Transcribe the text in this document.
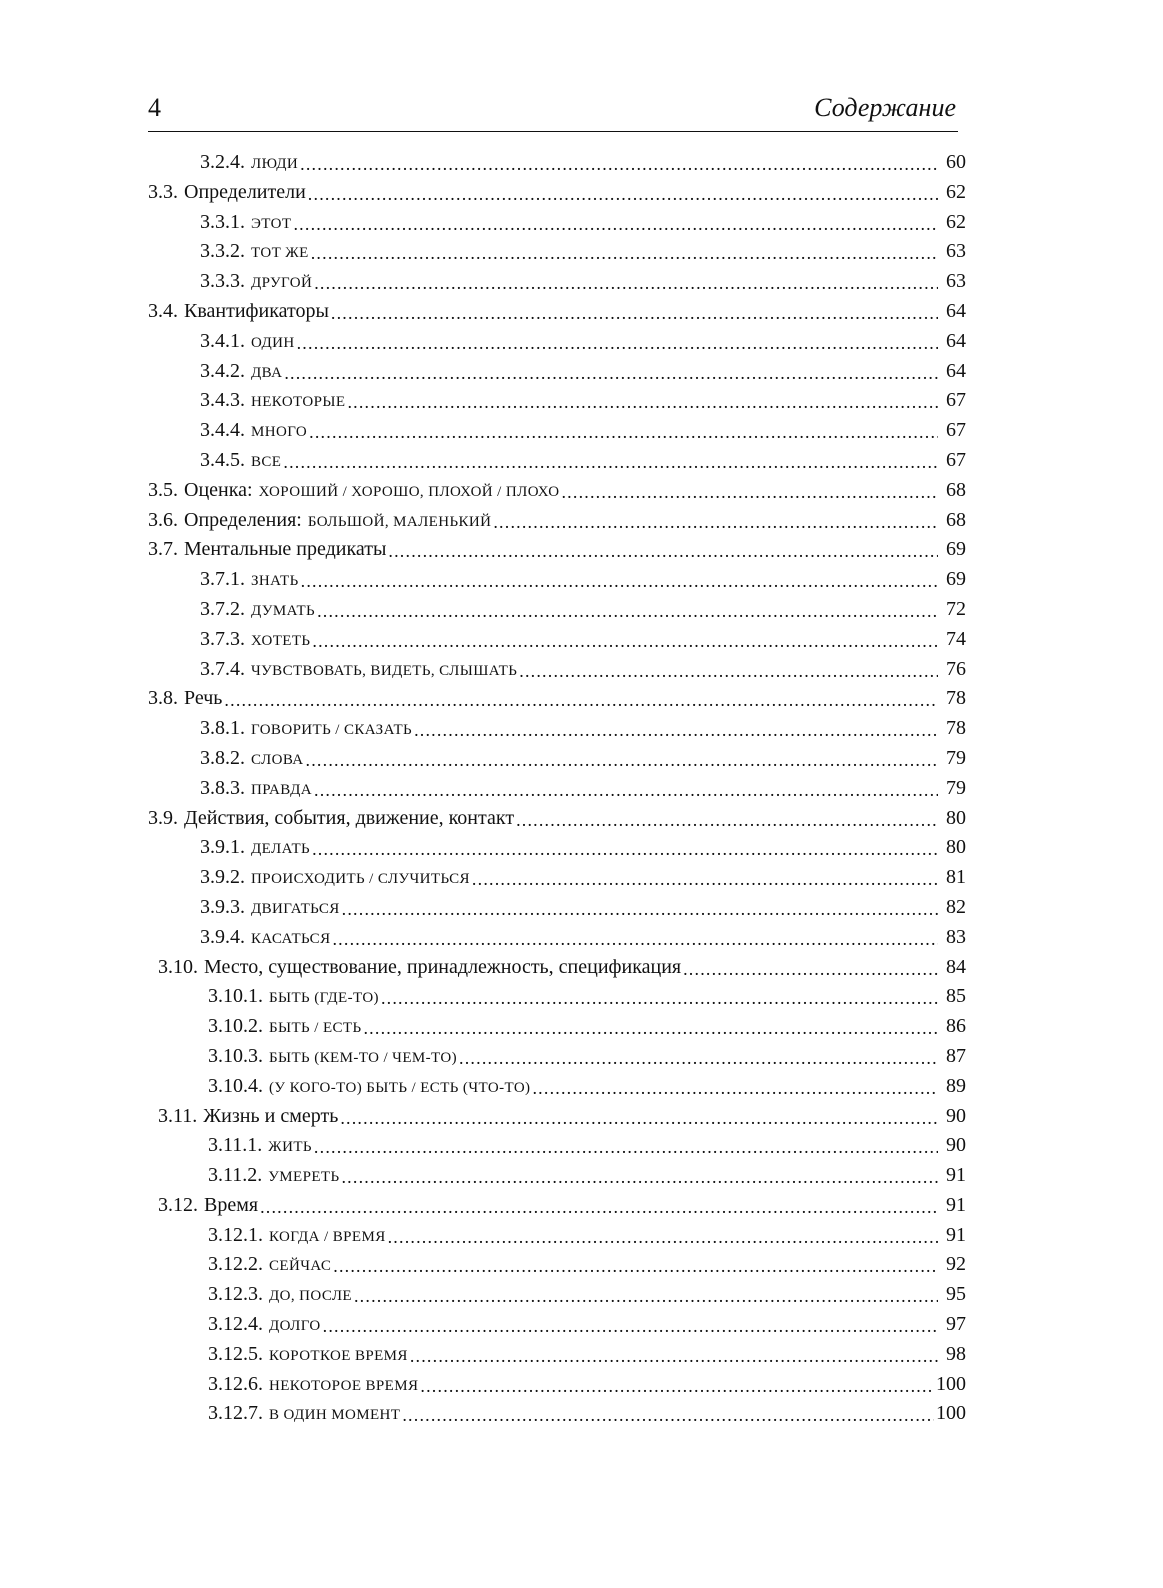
4	Содержание
3.2.4. ЛЮДИ .....	60
3.3. Определители .....	62
3.3.1. ЭТОТ .....	62
3.3.2. ТОТ ЖЕ .....	63
3.3.3. ДРУГОЙ .....	63
3.4. Квантификаторы .....	64
3.4.1. ОДИН .....	64
3.4.2. ДВА .....	64
3.4.3. НЕКОТОРЫЕ .....	67
3.4.4. МНОГО .....	67
3.4.5. ВСЕ .....	67
3.5. Оценка: ХОРОШИЙ / ХОРОШО, ПЛОХОЙ / ПЛОХО .....	68
3.6. Определения: БОЛЬШОЙ, МАЛЕНЬКИЙ .....	68
3.7. Ментальные предикаты .....	69
3.7.1. ЗНАТЬ .....	69
3.7.2. ДУМАТЬ .....	72
3.7.3. ХОТЕТЬ .....	74
3.7.4. ЧУВСТВОВАТЬ, ВИДЕТЬ, СЛЫШАТЬ .....	76
3.8. Речь .....	78
3.8.1. ГОВОРИТЬ / СКАЗАТЬ .....	78
3.8.2. СЛОВА .....	79
3.8.3. ПРАВДА .....	79
3.9. Действия, события, движение, контакт .....	80
3.9.1. ДЕЛАТЬ .....	80
3.9.2. ПРОИСХОДИТЬ / СЛУЧИТЬСЯ .....	81
3.9.3. ДВИГАТЬСЯ .....	82
3.9.4. КАСАТЬСЯ .....	83
3.10. Место, существование, принадлежность, спецификация .....	84
3.10.1. БЫТЬ (ГДЕ-ТО) .....	85
3.10.2. БЫТЬ / ЕСТЬ .....	86
3.10.3. БЫТЬ (КЕМ-ТО / ЧЕМ-ТО) .....	87
3.10.4. (У КОГО-ТО) БЫТЬ / ЕСТЬ (ЧТО-ТО) .....	89
3.11. Жизнь и смерть .....	90
3.11.1. ЖИТЬ .....	90
3.11.2. УМЕРЕТЬ .....	91
3.12. Время .....	91
3.12.1. КОГДА / ВРЕМЯ .....	91
3.12.2. СЕЙЧАС .....	92
3.12.3. ДО, ПОСЛЕ .....	95
3.12.4. ДОЛГО .....	97
3.12.5. КОРОТКОЕ ВРЕМЯ .....	98
3.12.6. НЕКОТОРОЕ ВРЕМЯ .....	100
3.12.7. В ОДИН МОМЕНТ .....	100
